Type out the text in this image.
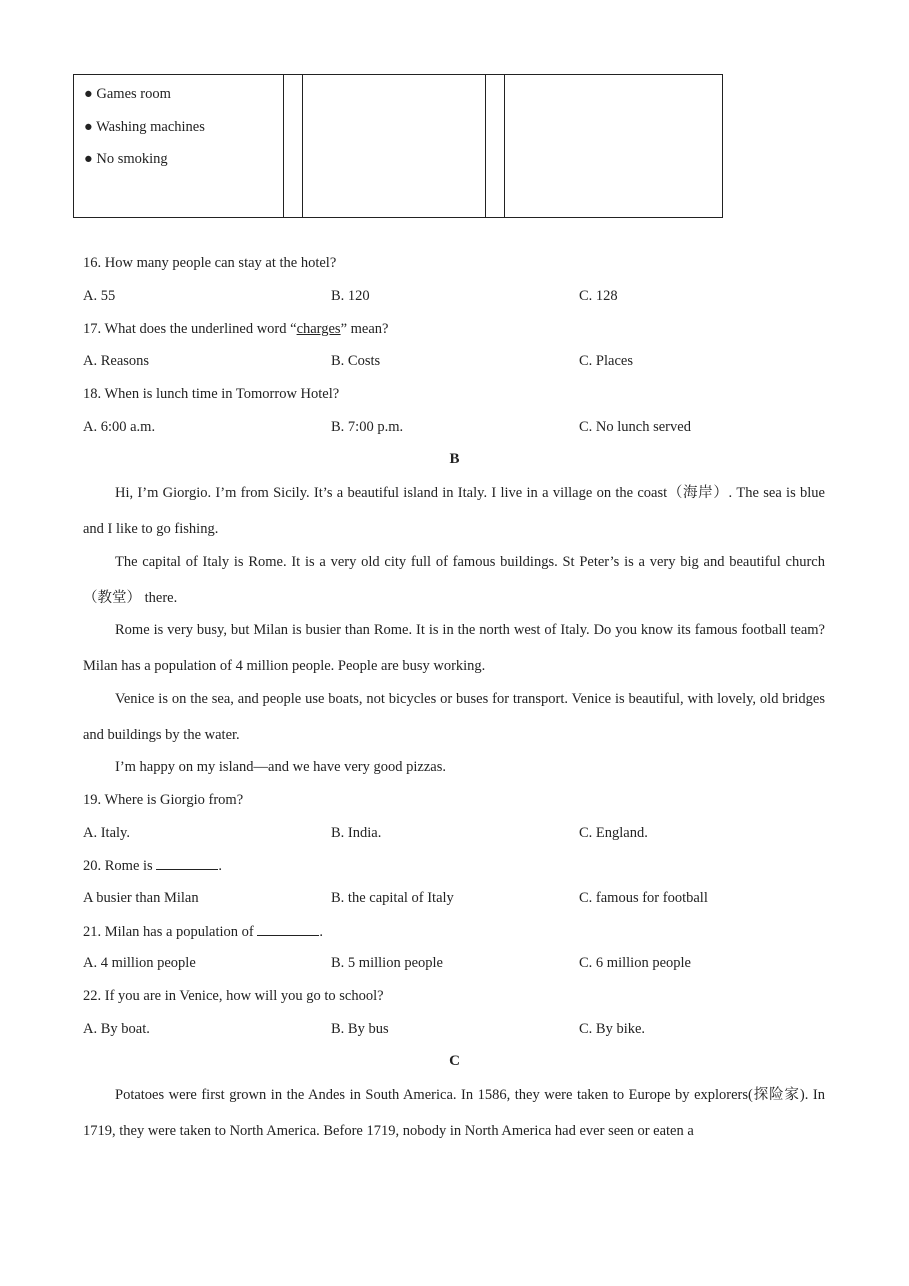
● Games room
● Washing machines
● No smoking

16. How many people can stay at the hotel?
A. 55	B. 120	C. 128
17. What does the underlined word “charges” mean?
A. Reasons	B. Costs	C. Places
18. When is lunch time in Tomorrow Hotel?
A. 6:00 a.m.	B. 7:00 p.m.	C. No lunch served
B
Hi, I’m Giorgio. I’m from Sicily. It’s a beautiful island in Italy. I live in a village on the coast（海岸）. The sea is blue and I like to go fishing.
The capital of Italy is Rome. It is a very old city full of famous buildings. St Peter’s is a very big and beautiful church（教堂） there.
Rome is very busy, but Milan is busier than Rome. It is in the north west of Italy. Do you know its famous football team? Milan has a population of 4 million people. People are busy working.
Venice is on the sea, and people use boats, not bicycles or buses for transport. Venice is beautiful, with lovely, old bridges and buildings by the water.
I’m happy on my island—and we have very good pizzas.
19. Where is Giorgio from?
A. Italy.	B. India.	C. England.
20. Rome is	.
A busier than Milan	B. the capital of Italy	C. famous for football
21. Milan has a population of	.
A. 4 million people	B. 5 million people	C. 6 million people
22. If you are in Venice, how will you go to school?
A. By boat.	B. By bus	C. By bike.
C
Potatoes were first grown in the Andes in South America. In 1586, they were taken to Europe by explorers(探险家). In 1719, they were taken to North America. Before 1719, nobody in North America had ever seen or eaten a
